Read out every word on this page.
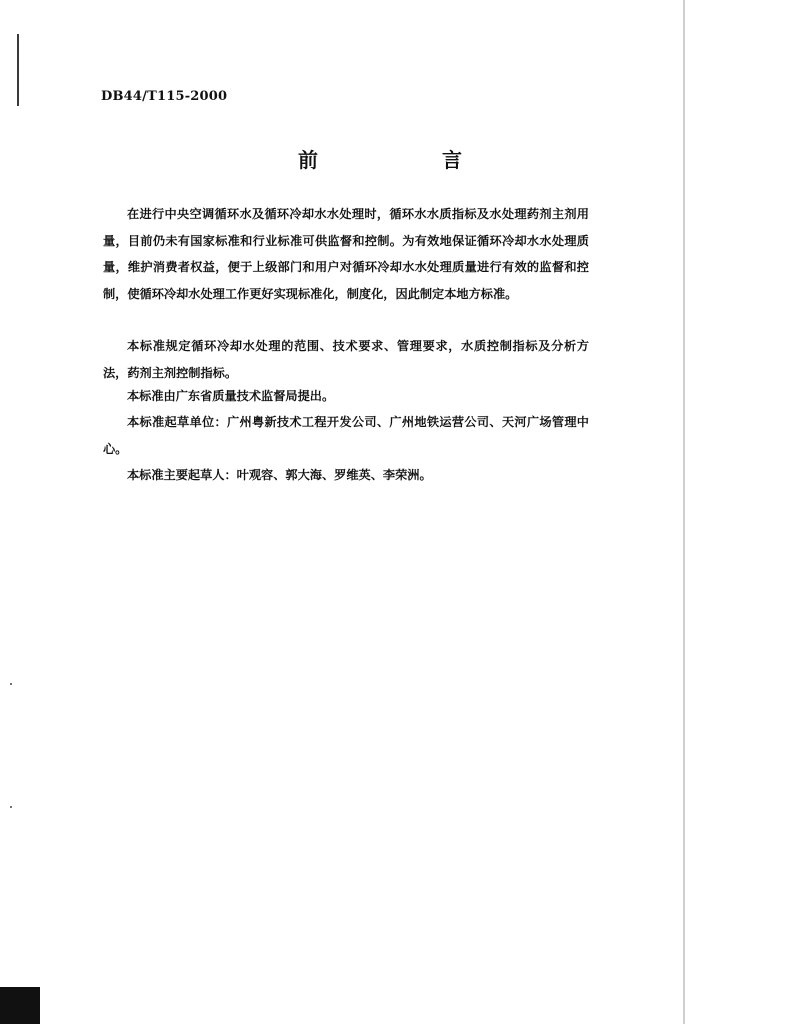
DB44/T115-2000
前　言

在进行中央空调循环水及循环冷却水水处理时，循环水水质指标及水处理药剂主剂用量，目前仍未有国家标准和行业标准可供监督和控制。为有效地保证循环冷却水水处理质量，维护消费者权益，便于上级部门和用户对循环冷却水水处理质量进行有效的监督和控制，使循环冷却水处理工作更好实现标准化，制度化，因此制定本地方标准。

本标准规定循环冷却水处理的范围、技术要求、管理要求，水质控制指标及分析方法，药剂主剂控制指标。

本标准由广东省质量技术监督局提出。

本标准起草单位：广州粤新技术工程开发公司、广州地铁运营公司、天河广场管理中心。

本标准主要起草人：叶观容、郭大海、罗维英、李荣洲。
